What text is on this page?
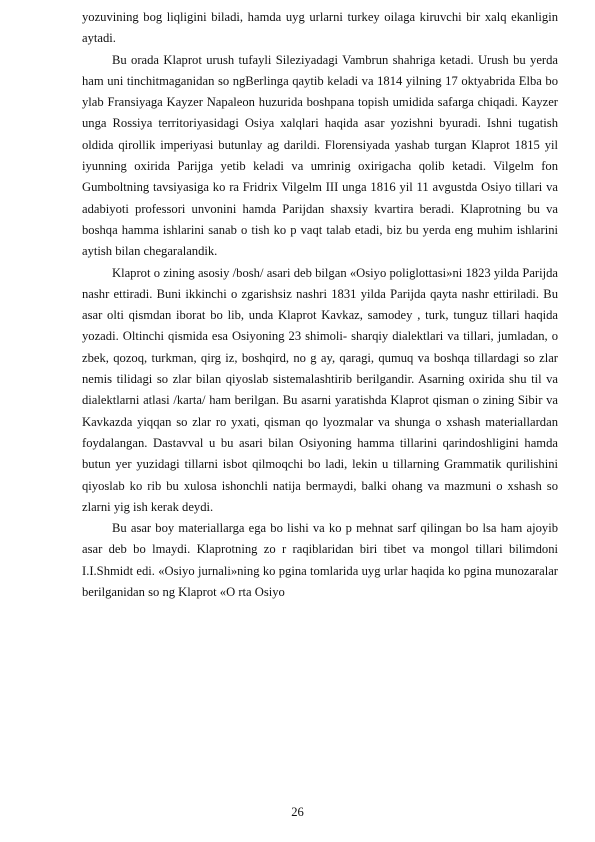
yozuvining bog liqligini biladi, hamda uyg urlarni turkey oilaga kiruvchi bir xalq ekanligin aytadi.

Bu orada Klaprot urush tufayli Sileziyadagi Vambrun shahriga ketadi. Urush bu yerda ham uni tinchitmaganidan so ngBerlinga qaytib keladi va 1814 yilning 17 oktyabrida Elba bo ylab Fransiyaga Kayzer Napaleon huzurida boshpana topish umidida safarga chiqadi. Kayzer unga Rossiya territoriyasidagi Osiya xalqlari haqida asar yozishni byuradi. Ishni tugatish oldida qirollik imperiyasi butunlay ag darildi. Florensiyada yashab turgan Klaprot 1815 yil iyunning oxirida Parijga yetib keladi va umrinig oxirigacha qolib ketadi. Vilgelm fon Gumboltning tavsiyasiga ko ra Fridrix Vilgelm III unga 1816 yil 11 avgustda Osiyo tillari va adabiyoti professori unvonini hamda Parijdan shaxsiy kvartira beradi. Klaprotning bu va boshqa hamma ishlarini sanab o tish ko p vaqt talab etadi, biz bu yerda eng muhim ishlarini aytish bilan chegaralandik.

Klaprot o zining asosiy /bosh/ asari deb bilgan «Osiyo poliglottasi»ni 1823 yilda Parijda nashr ettiradi. Buni ikkinchi o zgarishsiz nashri 1831 yilda Parijda qayta nashr ettiriladi. Bu asar olti qismdan iborat bo lib, unda Klaprot Kavkaz, samodey , turk, tunguz tillari haqida yozadi. Oltinchi qismida esa Osiyoning 23 shimoli- sharqiy dialektlari va tillari, jumladan, o zbek, qozoq, turkman, qirg iz, boshqird, no g ay, qaragi, qumuq va boshqa tillardagi so zlar nemis tilidagi so zlar bilan qiyoslab sistemalashtirib berilgandir. Asarning oxirida shu til va dialektlarni atlasi /karta/ ham berilgan. Bu asarni yaratishda Klaprot qisman o zining Sibir va Kavkazda yiqqan so zlar ro yxati, qisman qo lyozmalar va shunga o xshash materiallardan foydalangan. Dastavval u bu asari bilan Osiyoning hamma tillarini qarindoshligini hamda butun yer yuzidagi tillarni isbot qilmoqchi bo ladi, lekin u tillarning Grammatik qurilishini qiyoslab ko rib bu xulosa ishonchli natija bermaydi, balki ohang va mazmuni o xshash so zlarni yig ish kerak deydi.

Bu asar boy materiallarga ega bo lishi va ko p mehnat sarf qilingan bo lsa ham ajoyib asar deb bo lmaydi. Klaprotning zo r raqiblaridan biri tibet va mongol tillari bilimdoni I.I.Shmidt edi. «Osiyo jurnali»ning ko pgina tomlarida uyg urlar haqida ko pgina munozaralar berilganidan so ng Klaprot «O rta Osiyo

26
